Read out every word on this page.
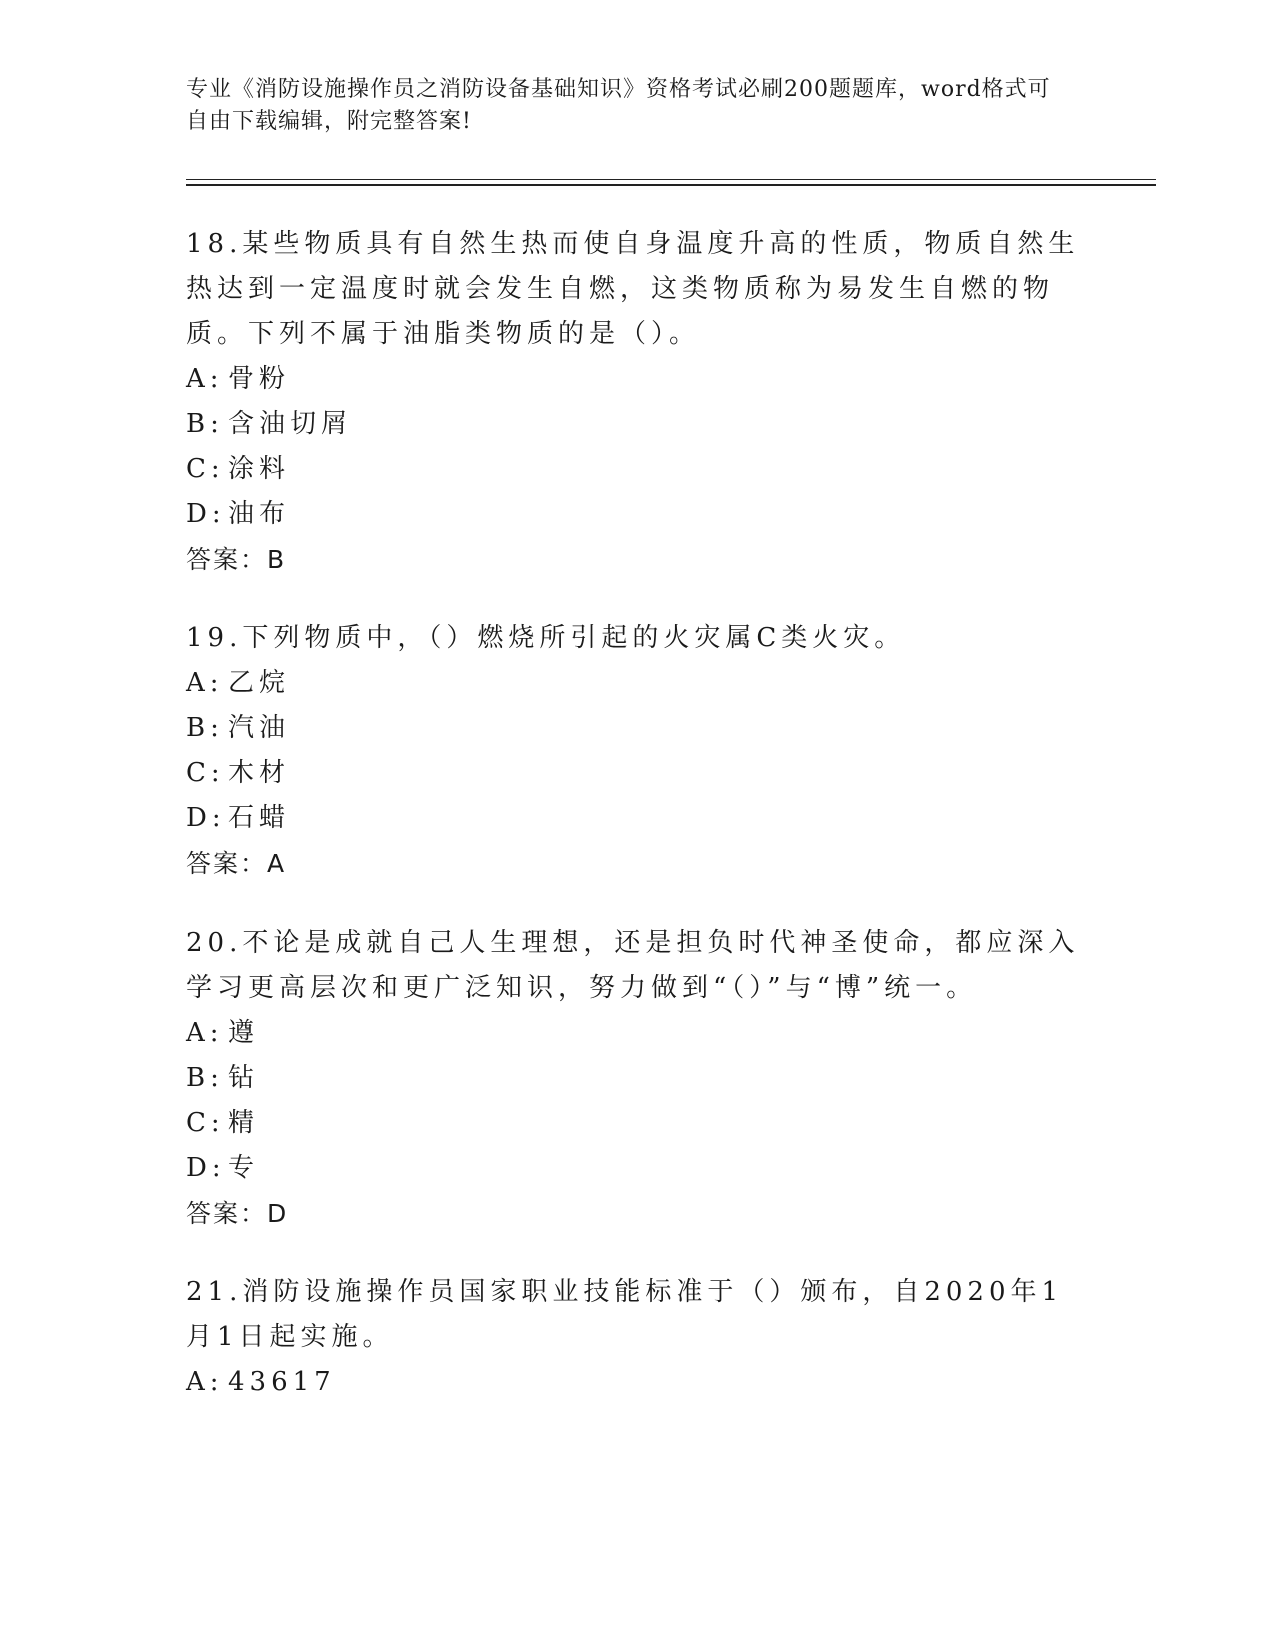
专业《消防设施操作员之消防设备基础知识》资格考试必刷200题题库，word格式可自由下载编辑，附完整答案!

18.某些物质具有自然生热而使自身温度升高的性质，物质自然生热达到一定温度时就会发生自燃，这类物质称为易发生自燃的物质。下列不属于油脂类物质的是（）。

A: 骨粉

B: 含油切屑

C: 涂料

D:油布

答案：B

19.下列物质中，（）燃烧所引起的火灾属C类火灾。

A: 乙烷

B: 汽油

C: 木材

D:石蜡

答案：A

20.不论是成就自己人生理想，还是担负时代神圣使命，都应深入学习更高层次和更广泛知识，努力做到“（）”与“博”统一。

A: 遵

B: 钻

C: 精

D:专

答案：D

21.消防设施操作员国家职业技能标准于（）颁布，自2020年1月1日起实施。

A: 43617
